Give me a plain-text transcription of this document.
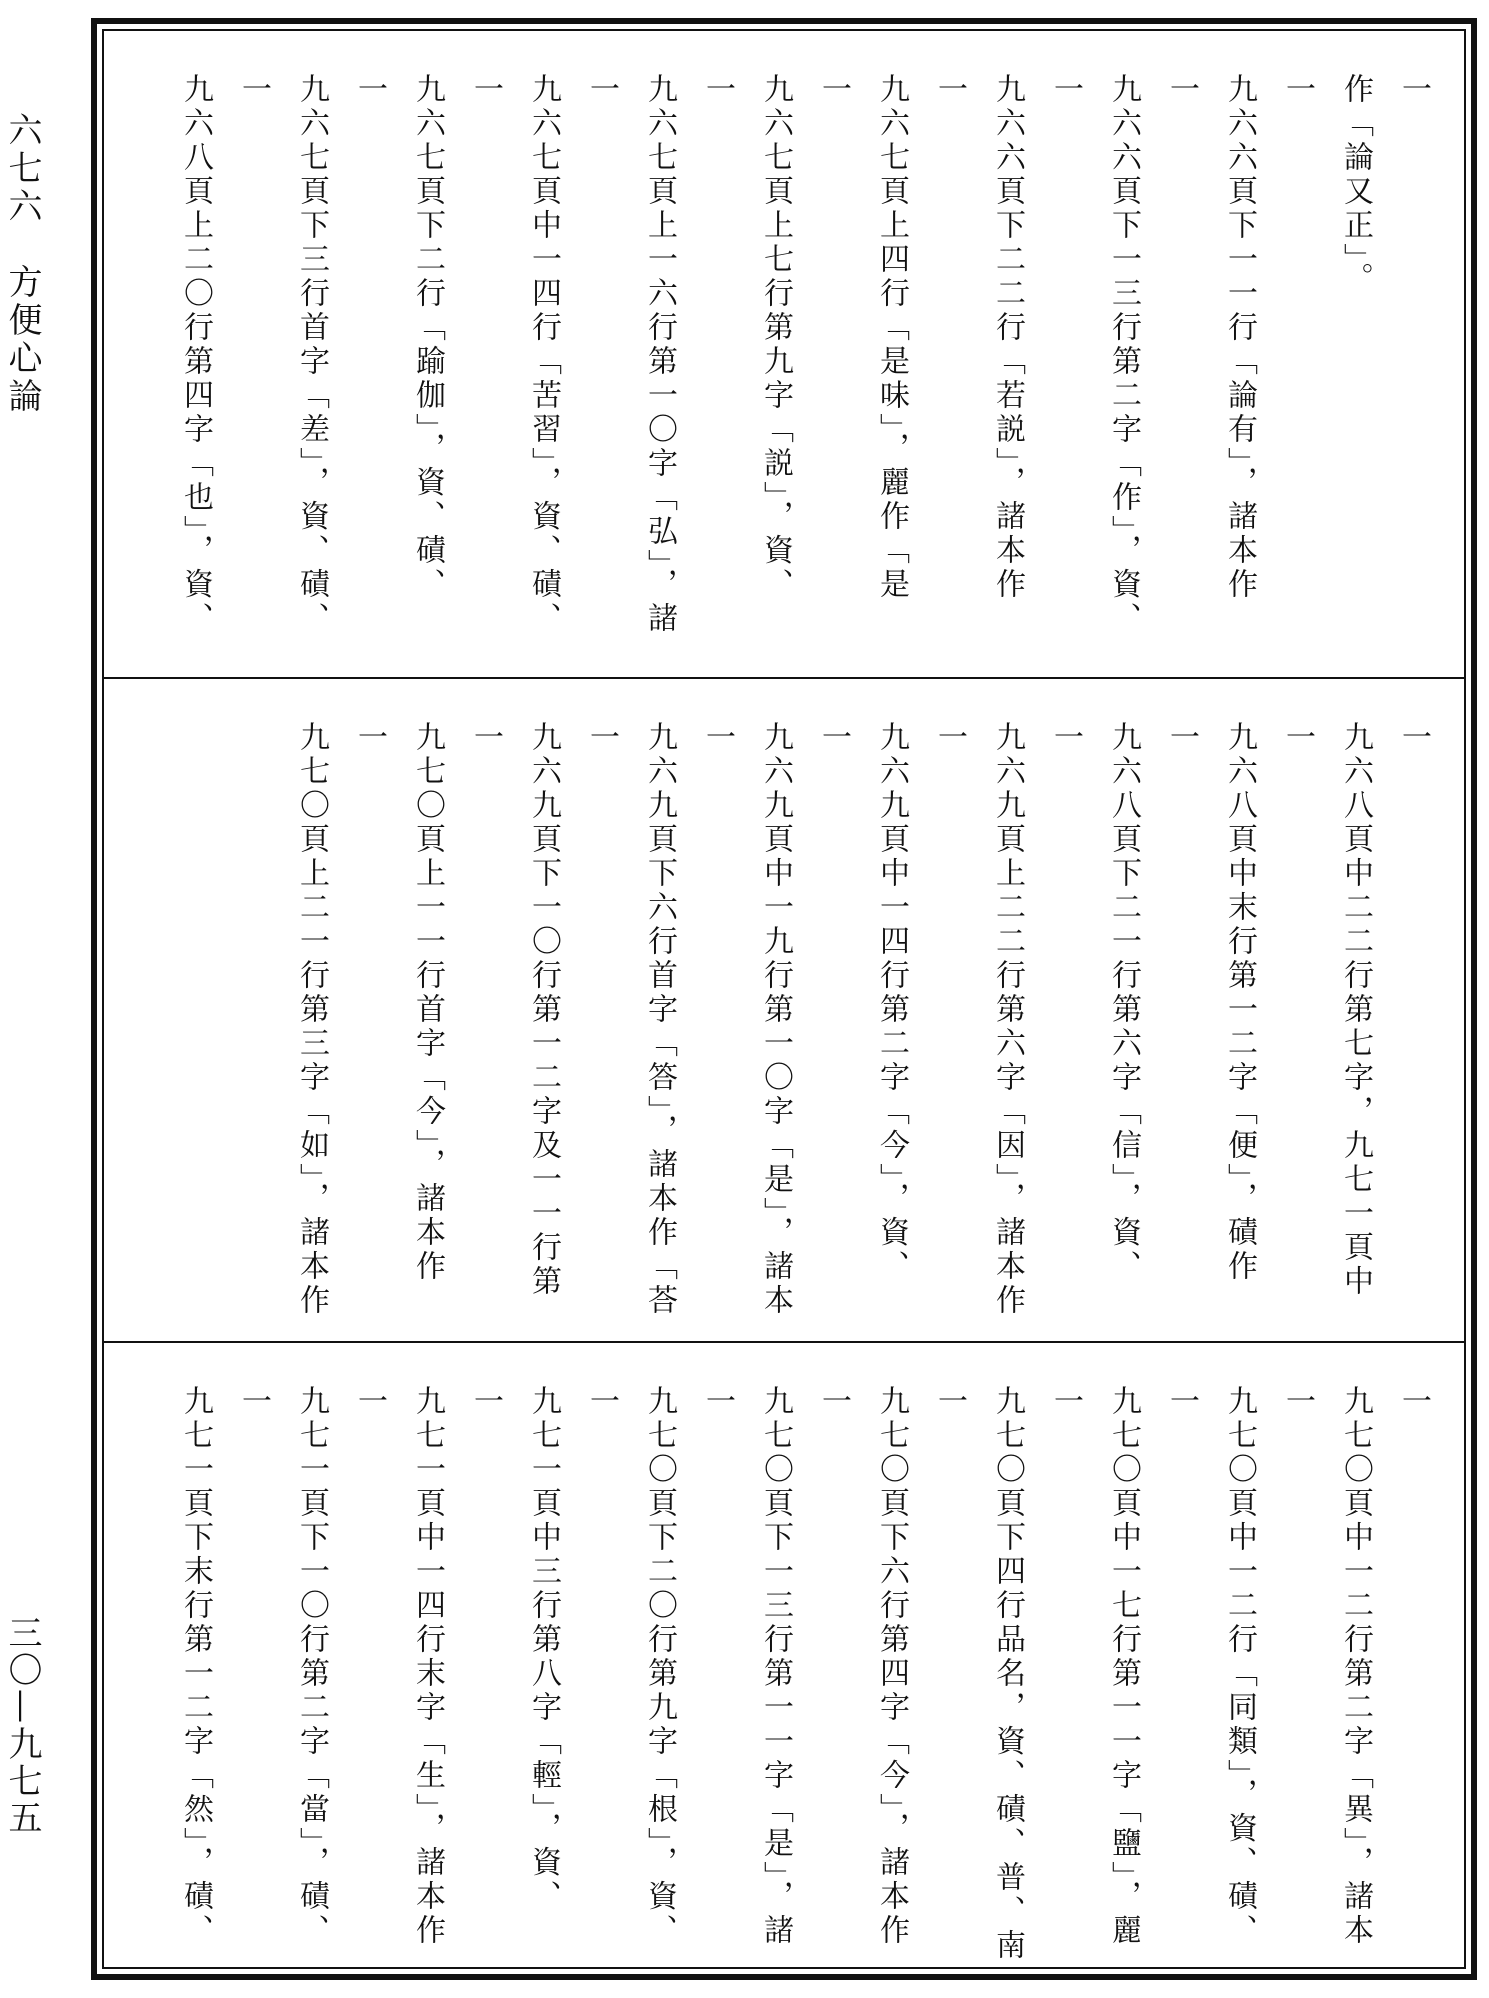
六七六　方便心論
三〇—九七五
一
作「論又正」。
一
九六六頁下一一行「論有」，諸本作
一
九六六頁下一三行第二字「作」，資、
一
九六六頁下二二行「若説」，諸本作
一
九六七頁上四行「是味」，麗作「是
一
九六七頁上七行第九字「説」，資、
一
九六七頁上一六行第一〇字「弘」，諸
一
九六七頁中一四行「苦習」，資、磧、
一
九六七頁下二行「踰伽」，資、磧、
一
九六七頁下三行首字「差」，資、磧、
一
九六八頁上二〇行第四字「也」，資、
一
九六八頁中二二行第七字，九七一頁中
一
九六八頁中末行第一二字「便」，磧作
一
九六八頁下二一行第六字「信」，資、
一
九六九頁上二二行第六字「因」，諸本作
一
九六九頁中一四行第二字「今」，資、
一
九六九頁中一九行第一〇字「是」，諸本
一
九六九頁下六行首字「答」，諸本作「荅
一
九六九頁下一〇行第一二字及一一行第
一
九七〇頁上一一行首字「今」，諸本作
一
九七〇頁上二一行第三字「如」，諸本作
一
九七〇頁中一二行第二字「異」，諸本
一
九七〇頁中一二行「同類」，資、磧、
一
九七〇頁中一七行第一一字「鹽」，麗
一
九七〇頁下四行品名，資、磧、普、南
一
九七〇頁下六行第四字「今」，諸本作
一
九七〇頁下一三行第一一字「是」，諸
一
九七〇頁下二〇行第九字「根」，資、
一
九七一頁中三行第八字「輕」，資、
一
九七一頁中一四行末字「生」，諸本作
一
九七一頁下一〇行第二字「當」，磧、
一
九七一頁下末行第一二字「然」，磧、
